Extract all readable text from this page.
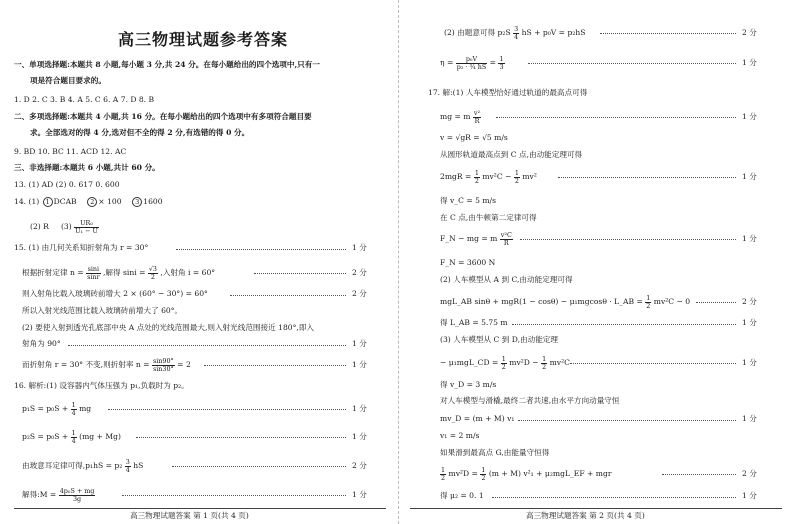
高三物理试题参考答案
一、单项选择题:本题共 8 小题,每小题 3 分,共 24 分。在每小题给出的四个选项中,只有一
项是符合题目要求的。
1. D 2. C 3. B 4. A 5. C 6. A 7. D 8. B
二、多项选择题:本题共 4 小题,共 16 分。在每小题给出的四个选项中有多项符合题目要
求。全部选对的得 4 分,选对但不全的得 2 分,有选错的得 0 分。
9. BD 10. BC 11. ACD 12. AC
三、非选择题:本题共 6 小题,共计 60 分。
13. (1) AD (2) 0. 617 0. 600
14. (1) 1 DCAB 2 × 100 3 1600
(2) R $(3) \frac{\text{UR₀}}{\text{U₁ − U}}$
15. (1) 由几何关系知折射角为 r = 30°	1 分
根据折射定律 $n = \frac{\sin i}{\sin r}$ ,解得 $\sin i = \frac{√3}{2}$ ,入射角 i = 60°	2 分
则入射角比载入玻璃砖前增大 2 × (60° − 30°) = 60°	2 分
所以入射光线范围比载入玻璃砖前增大了 60°。
(2) 要使入射到透光孔底部中央 A 点处的光线范围最大,则入射光线范围接近 180°,即入
射角为 90°	1 分
而折射角 r = 30° 不变,则折射率 $n = \frac{\sin 90^\circ}{\sin 30^\circ} = 2$	1 分
16. 解析:(1) 设容器内气体压强为 p₁,负载时为 p₂。
$p_1S = p_0S + \frac{1}{4}$ mg	1 分
$p_2S = p_0S + \frac{1}{4} (mg + Mg)$	1 分
由玻意耳定律可得$,p_1hS = p_2 \frac{3}{4}$ hS	2 分
解得:M = $\frac{\text{4p₀S + mg}}{3g}$	1 分
高三物理试题答案 第 1 页(共 4 页)
(2) 由题意可得 $p_2S \frac{3}{4}$ hS + p₀V = p₂hS	2 分
$\eta = \frac{\text{p₀V}}{\text{p₂ · ¾ hS}} = \frac{1}{3}$	1 分
17. 解:(1) 人车模型恰好通过轨道的最高点可得
mg = m $\frac{\text{v²}}{R}$	1 分
v = √gR = √5 m/s
从圆形轨道最高点到 C 点,由动能定理可得
$2mgR = \frac{1}{2} mv^2C - \frac{1}{2} mv^2$	1 分
得 v_C = 5 m/s
在 C 点,由牛顿第二定律可得
F_N − mg = m $\frac{\text{v²C}}{R}$	1 分
F_N = 3600 N
(2) 人车模型从 A 到 C,由动能定理可得
mgL_AB sinθ + mgR(1 − cosθ) − μ₁mgcosθ · L_AB = $\frac{1}{2} mv^2C - 0$	2 分
得 L_AB = 5.75 m	1 分
(3) 人车模型从 C 到 D,由动能定理
− μ₁mgL_CD = $\frac{1}{2} mv^2D - \frac{1}{2} mv^2C$	1 分
得 v_D = 3 m/s
对人车模型与滑橇,最终二者共速,由水平方向动量守恒
mv_D = (m + M) v₁	1 分
v₁ = 2 m/s
如果滑到最高点 G,由能量守恒得
$\frac{1}{2} mv^2D = \frac{1}{2} (m + M) v^2_1$ + μ₂mgL_EF + mgr	2 分
得 μ₂ = 0. 1	1 分
高三物理试题答案 第 2 页(共 4 页)
